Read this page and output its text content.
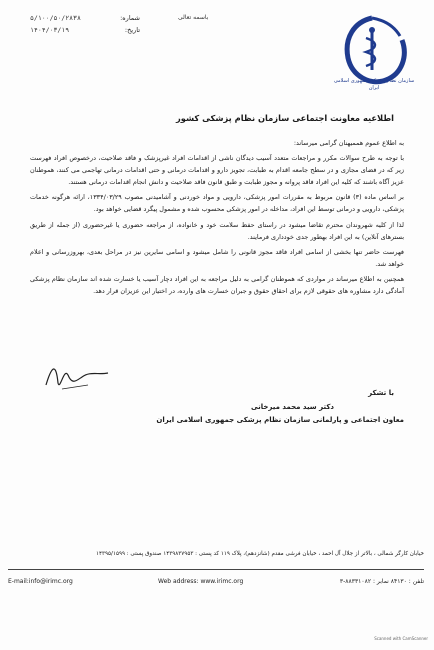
شماره:
۵/۱۰۰/۵۰/۲۸۳۸
تاریخ:
۱۴۰۴/۰۳/۱۹
باسمه تعالی
سازمان نظام پزشکی جمهوری اسلامی ایران
اطلاعیه معاونت اجتماعی سازمان نظام پزشکی کشور

به اطلاع عموم هممیهنان گرامی میرساند:

با توجه به طرح سوالات مکرر و مراجعات متعدد آسیب دیدگان ناشی از اقدامات افراد غیرپزشک و فاقد صلاحیت، درخصوص افراد فهرست زیر که در فضای مجازی و در سطح جامعه اقدام به طبابت، تجویز دارو و اقدامات درمانی و حتی اقدامات درمانی تهاجمی می کنند، هموطنان عزیز آگاه باشند که کلیه این افراد فاقد پروانه و مجوز طبابت و طبق قانون فاقد صلاحیت و دانش انجام اقدامات درمانی هستند.

بر اساس ماده (۳) قانون مربوط به مقررات امور پزشکی، دارویی و مواد خوردنی و آشامیدنی مصوب ۱۳۳۴/۰۳/۲۹، ارائه هرگونه خدمات پزشکی، دارویی و درمانی توسط این افراد، مداخله در امور پزشکی محسوب شده و مشمول پیگرد قضایی خواهد بود.

لذا از کلیه شهروندان محترم تقاضا میشود در راستای حفظ سلامت خود و خانواده، از مراجعه حضوری یا غیرحضوری (از جمله از طریق بسترهای آنلاین) به این افراد بهطور جدی خودداری فرمایند.

فهرست حاضر تنها بخشی از اسامی افراد فاقد مجوز قانونی را شامل میشود و اسامی سایرین نیز در مراحل بعدی، بهروزرسانی و اعلام خواهد شد.

همچنین به اطلاع میرساند در مواردی که هموطنان گرامی به دلیل مراجعه به این افراد دچار آسیب یا خسارت شده اند سازمان نظام پزشکی آمادگی دارد مشاوره های حقوقی لازم برای احقاق حقوق و جبران خسارت های وارده، در اختیار این عزیزان قرار دهد.

با تشکر
دکتر سید محمد میرخانی
معاون اجتماعی و پارلمانی سازمان نظام پزشکی جمهوری اسلامی ایران
خیابان کارگر شمالی ، بالاتر از جلال آل احمد ، خیابان فرشی مقدم (شانزدهم)، پلاک ۱۱۹ کد پستی : ۱۴۳۹۸۳۷۹۵۳ صندوق پستی : ۱۴۳۹۵/۱۵۹۹
تلفن : ۸۴۱۳۰ نمابر : ۸۸۳۳۱۰۸۲-۳
E-mail:info@irimc.org	Web address: www.irimc.org
Scanned with CamScanner
